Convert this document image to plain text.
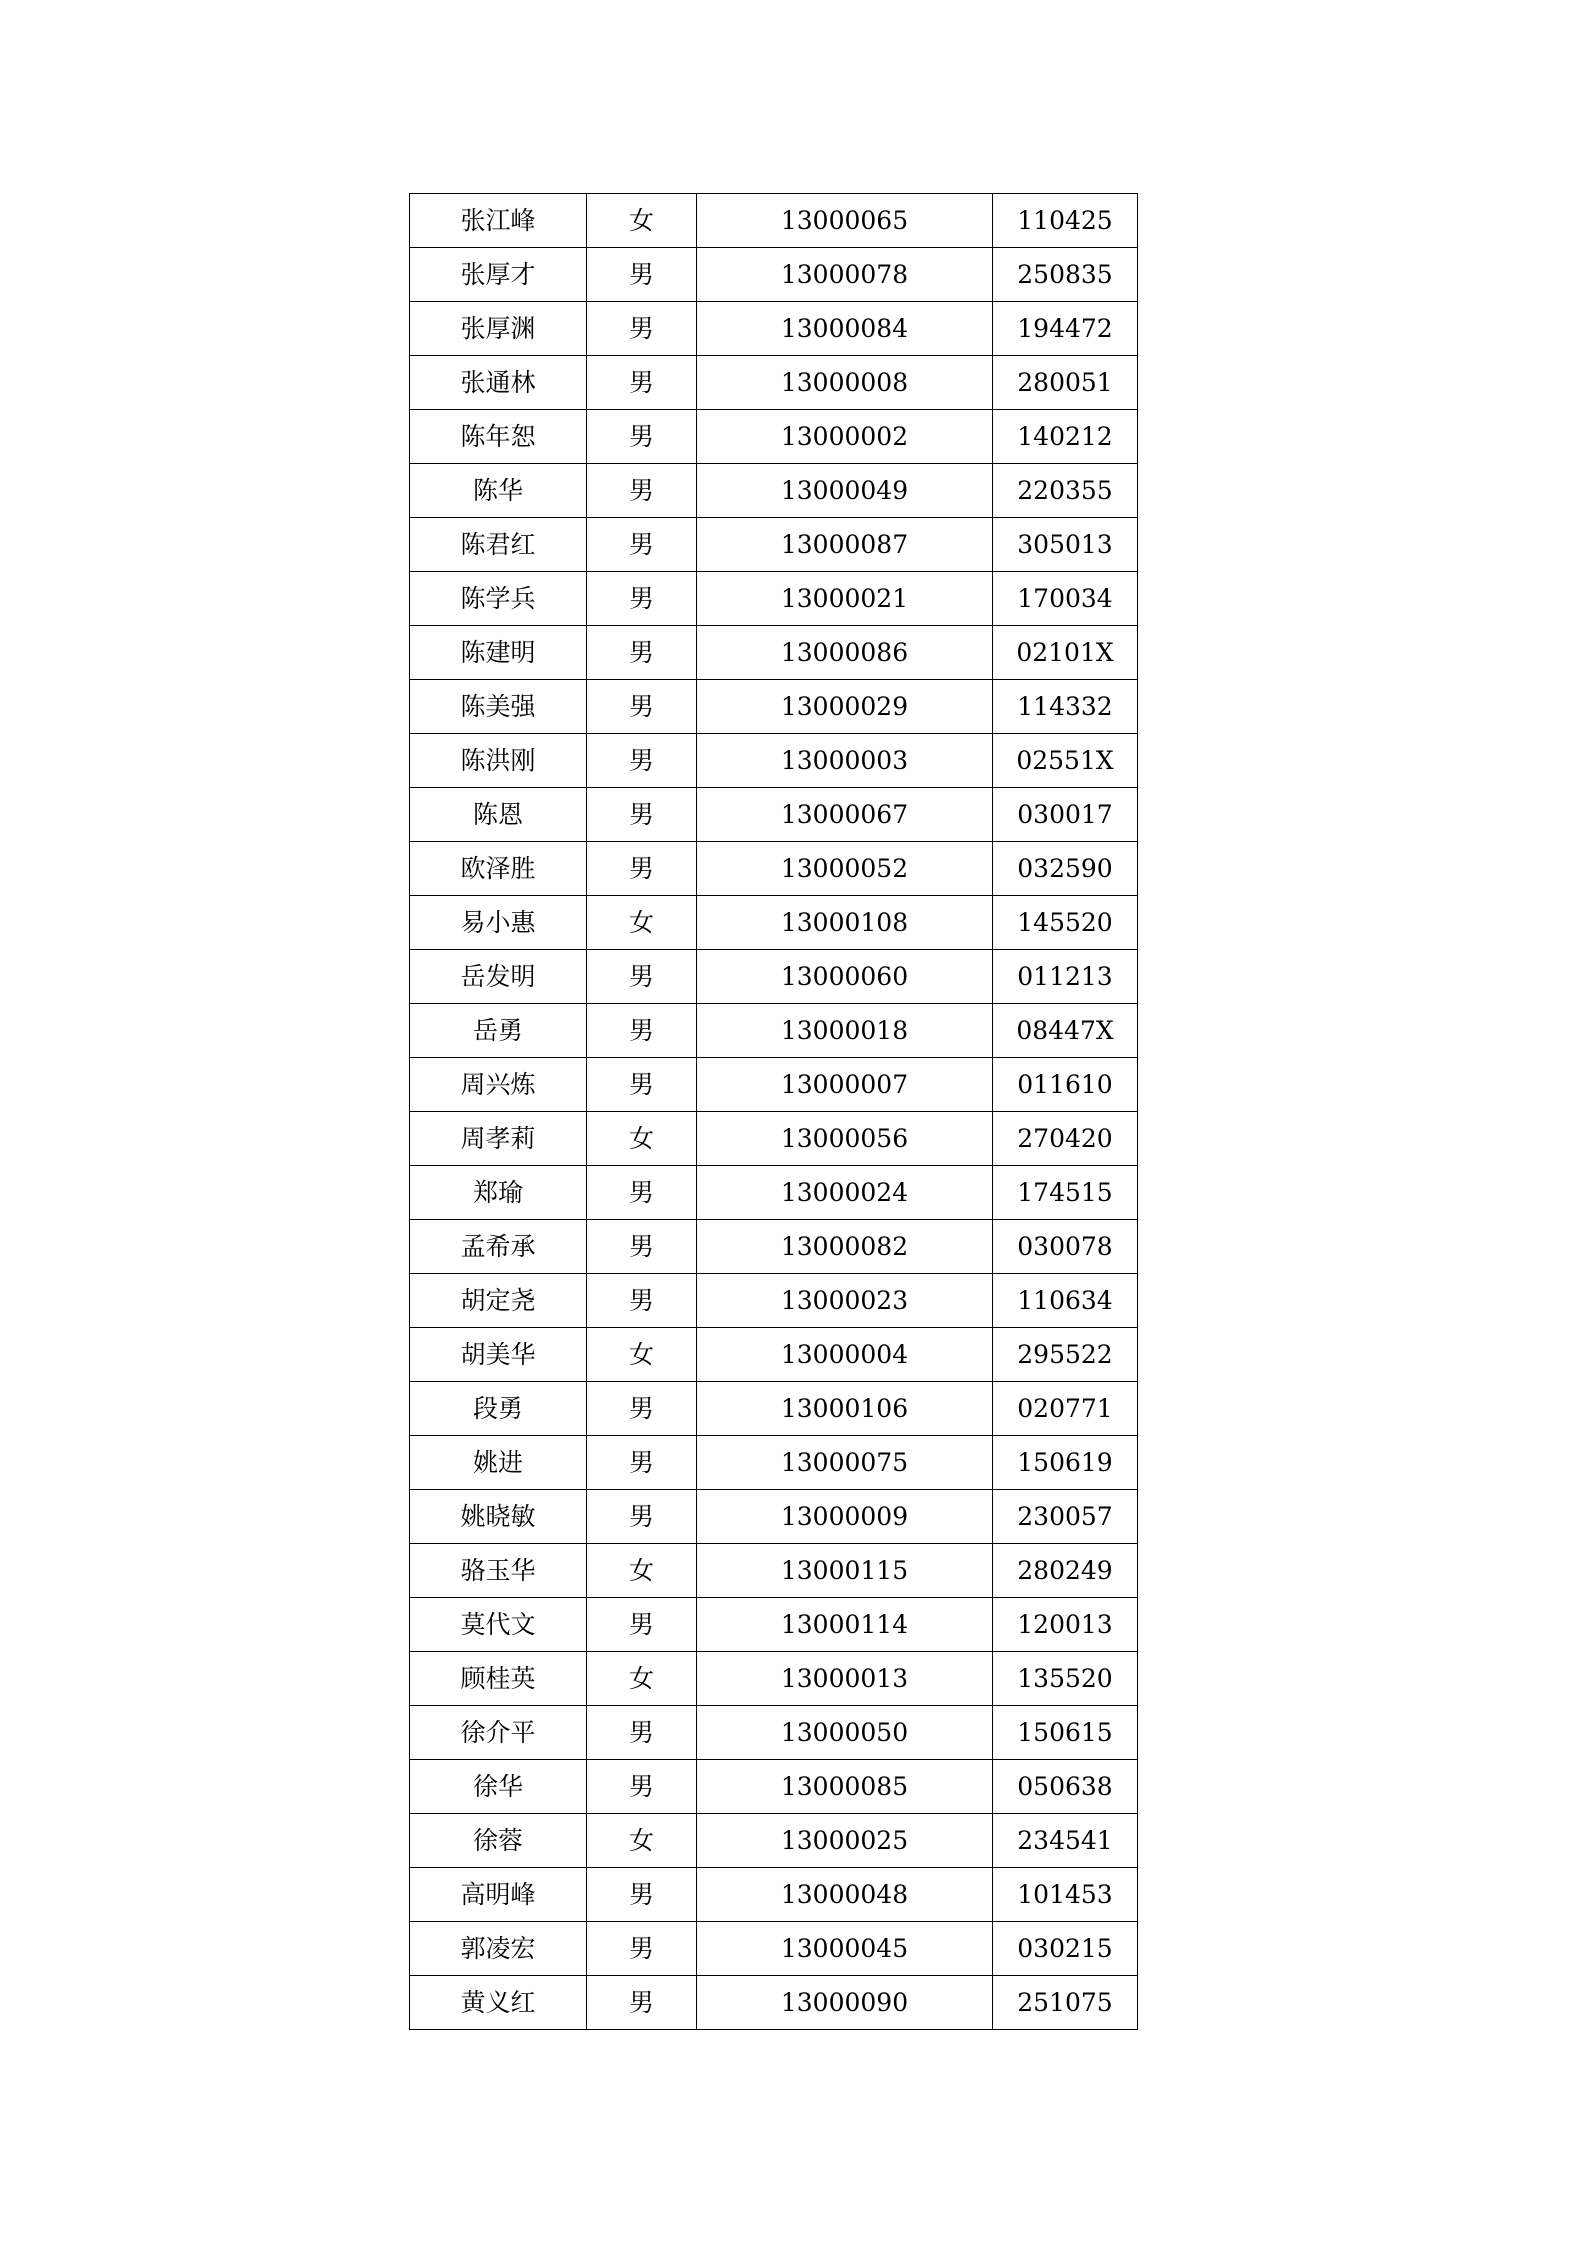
张江峰	女	13000065	110425
张厚才	男	13000078	250835
张厚渊	男	13000084	194472
张通林	男	13000008	280051
陈年恕	男	13000002	140212
陈华	男	13000049	220355
陈君红	男	13000087	305013
陈学兵	男	13000021	170034
陈建明	男	13000086	02101X
陈美强	男	13000029	114332
陈洪刚	男	13000003	02551X
陈恩	男	13000067	030017
欧泽胜	男	13000052	032590
易小惠	女	13000108	145520
岳发明	男	13000060	011213
岳勇	男	13000018	08447X
周兴炼	男	13000007	011610
周孝莉	女	13000056	270420
郑瑜	男	13000024	174515
孟希承	男	13000082	030078
胡定尧	男	13000023	110634
胡美华	女	13000004	295522
段勇	男	13000106	020771
姚进	男	13000075	150619
姚晓敏	男	13000009	230057
骆玉华	女	13000115	280249
莫代文	男	13000114	120013
顾桂英	女	13000013	135520
徐介平	男	13000050	150615
徐华	男	13000085	050638
徐蓉	女	13000025	234541
高明峰	男	13000048	101453
郭凌宏	男	13000045	030215
黄义红	男	13000090	251075
